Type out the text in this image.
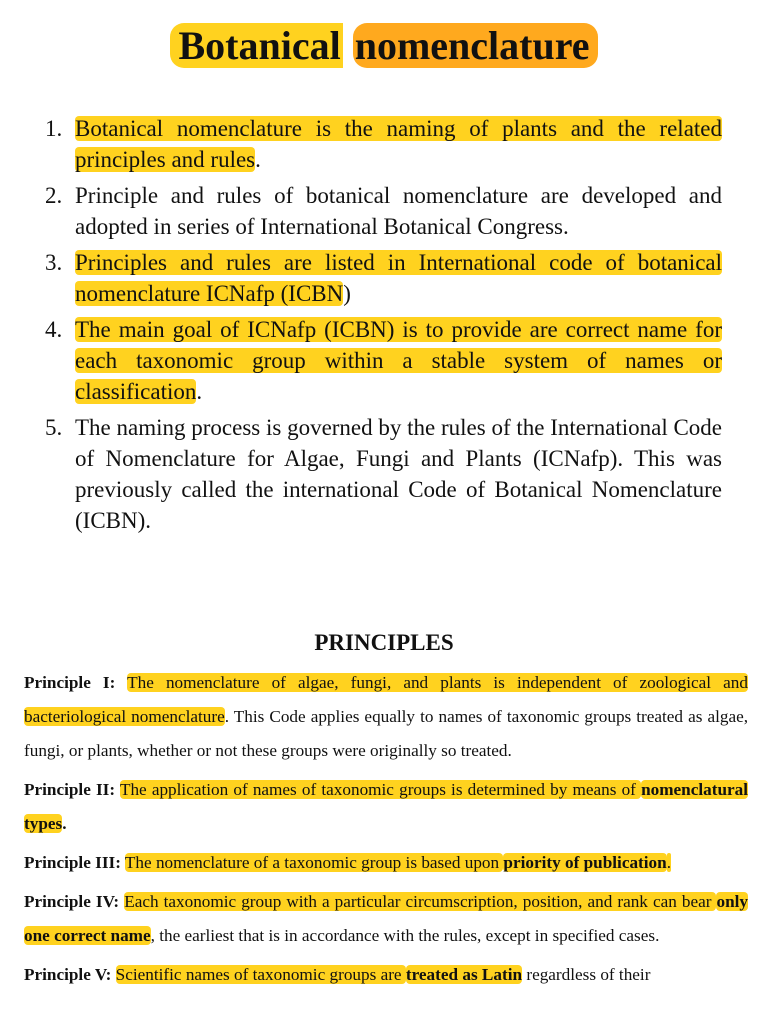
Botanical nomenclature
1. Botanical nomenclature is the naming of plants and the related principles and rules.
2. Principle and rules of botanical nomenclature are developed and adopted in series of International Botanical Congress.
3. Principles and rules are listed in International code of botanical nomenclature ICNafp (ICBN)
4. The main goal of ICNafp (ICBN) is to provide are correct name for each taxonomic group within a stable system of names or classification.
5. The naming process is governed by the rules of the International Code of Nomenclature for Algae, Fungi and Plants (ICNafp). This was previously called the international Code of Botanical Nomenclature (ICBN).
PRINCIPLES

Principle I: The nomenclature of algae, fungi, and plants is independent of zoological and bacteriological nomenclature. This Code applies equally to names of taxonomic groups treated as algae, fungi, or plants, whether or not these groups were originally so treated.

Principle II: The application of names of taxonomic groups is determined by means of nomenclatural types.

Principle III: The nomenclature of a taxonomic group is based upon priority of publication.

Principle IV: Each taxonomic group with a particular circumscription, position, and rank can bear only one correct name, the earliest that is in accordance with the rules, except in specified cases.

Principle V: Scientific names of taxonomic groups are treated as Latin regardless of their
